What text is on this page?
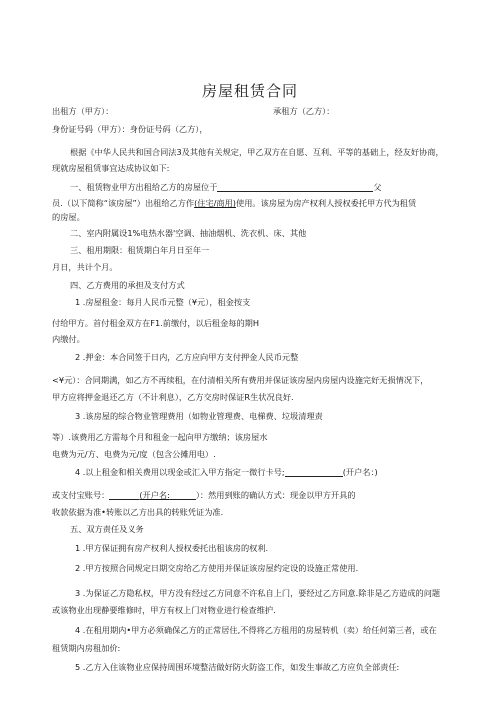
房屋租赁合同
出租方（甲方）：	承租方（乙方）：
身份证号码（甲方）：身份证号码（乙方），
根据《中华人民共和国合同法3及其他有关规定，甲乙双方在自愿、互利、平等的基础上，经友好协商，
现就房屋租赁事宜达成协议如下:
一、租赁物业甲方出租给乙方的房屋位于	父
员.（以下简称“该房屋”）出租给乙方作(住宅/商用)使用。该房屋为房产权利人授权委托甲方代为租赁
的房屋。
二、室内附属设1%电热水器'空调、抽油烟机、洗衣机、床、其他
三、租用期限：租赁期白年月日至年一
月日，共计个月。
四、乙方费用的承担及支付方式
1 .房屋租金：每月人民币元整（¥元），租金按支
付给甲方。首付租金双方在F1.前缴付，以后租金每的期H
内缴付。
2 .押金：本合同签于日内，乙方应向甲方支付押金人民币元整
<¥元）：合同期满，如乙方不再续租，在付清相关所有费用并保证该房屋内房屋内设施完好无损情况下，
甲方应将押金退还乙方（不计利息），乙方交房时保证R生状况良好.
3 .该房屋的综合物业管理费用（如物业管理费、电梯费、垃圾清理责
等）.该费用乙方需每个月和租金一起向甲方缴纳；该房屋水
电费为元/方、电费为元/度（包含公摊用电）.
4 .以上租金和相关费用以现金或汇入甲方指定一微行卡号;	(开户名：)
或支付宝账号：	(开户名:	）：然用到账的确认方式：现金以甲方开具的
收款依据为准•转账以乙方出具的转账凭证为准.
五、双方责任及义务
1 .甲方保证拥有房产权利人授权委托出租该房的权利.
2 .甲方按照合同规定日期交房给乙方使用并保证该房屋约定设的设施正常使用.
3 .为保证乙方隐私权，甲方没有经过乙方同意不许私自上门，要经过乙方同意.除非是乙方造成的问题
或该物业出现静要维修时，甲方有权上门对物业进行检查维护.
4 .在租用期内•甲方必须确保乙方的正常居住,不得将乙方租用的房屋转机（卖）给任何第三者，或在
租赁期内房租加价:
5 .乙方入住该物业应保持周围环境整洁做好防火防盗工作，如发生事故乙方应负全部责任:
